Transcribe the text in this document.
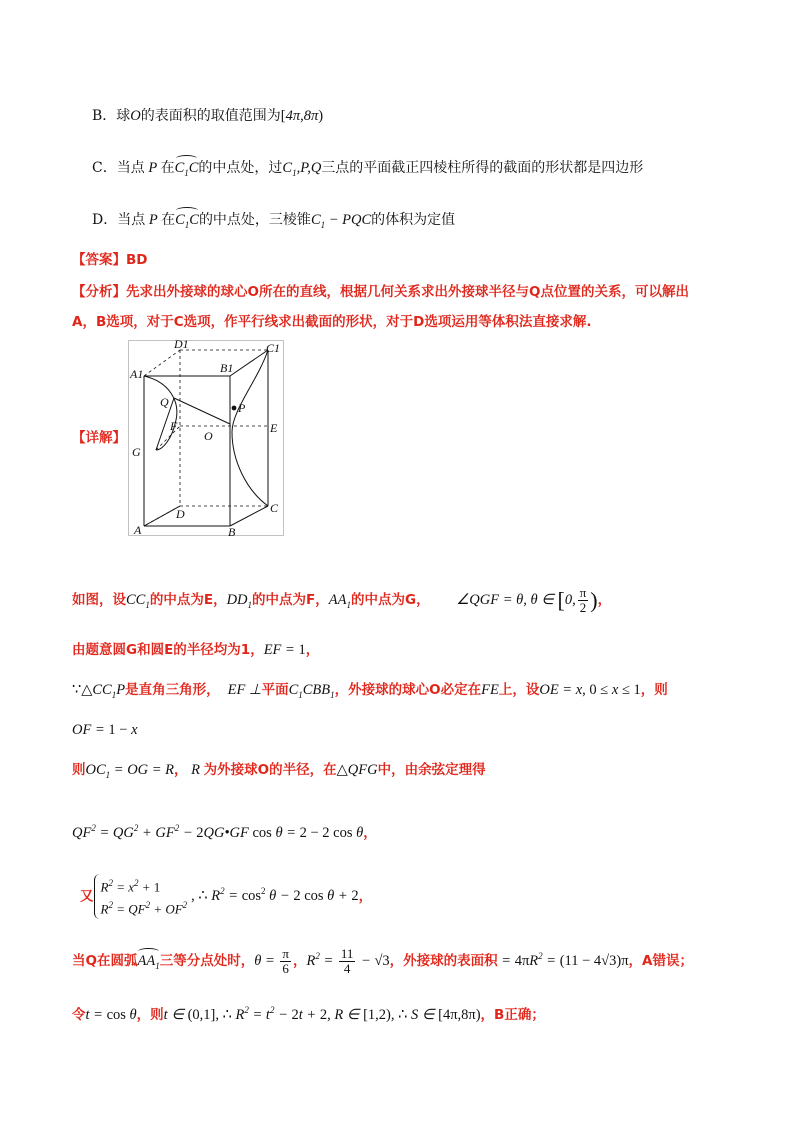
B．球O的表面积的取值范围为[4π,8π)
C．当点 P 在$C_1C$的中点处，过$C_1,P,Q$三点的平面截正四棱柱所得的截面的形状都是四边形
D．当点 P 在$C_1C$的中点处，三棱锥$C_1$ − PQC的体积为定值
【答案】BD
【分析】先求出外接球的球心O所在的直线，根据几何关系求出外接球半径与Q点位置的关系，可以解出
A，B选项，对于C选项，作平行线求出截面的形状，对于D选项运用等体积法直接求解.
【详解】
D1	C1
A1	B1
Q	P
F
O
E
G
D	C
A	B
如图，设$CC_1$的中点为E，$DD_1$的中点为F，$AA_1$的中点为G， ∠QGF = θ, θ ∈ [0, $\frac{\pi}{2}$ )，
由题意圆G和圆E的半径均为1，EF = 1，
$\because\triangle CC_1P$是直角三角形， EF ⊥平面$C_1CBB_1$，外接球的球心O必定在FE上，设OE = x, 0 ≤ x ≤ 1，则
OF = 1 − x
则$OC_1$ = OG = R， R 为外接球O的半径，在△QFG中，由余弦定理得
$QF^2 = QG^2 + GF^2$ − 2QG•GF cos θ = 2 − 2 cos θ，
又
$R^2 = x^2 + 1$
$R^2 = QF^2 + OF^2$
, ∴ $R^2 = \cos^2 \theta - 2$ cos θ + 2，
当Q在圆弧$AA_1$三等分点处时，$\theta = \frac{\pi}{6}$ ，$R^2 = \frac{11}{4} - √3$，外接球的表面积 = $4\pi R^2 = (11 - 4√3)\pi$，A错误；
令t = cos θ，则t ∈ (0,1], ∴ $R^2 = t^2 - 2t + 2$, R ∈ [1,2), ∴ S ∈ [4π,8π)，B正确；
